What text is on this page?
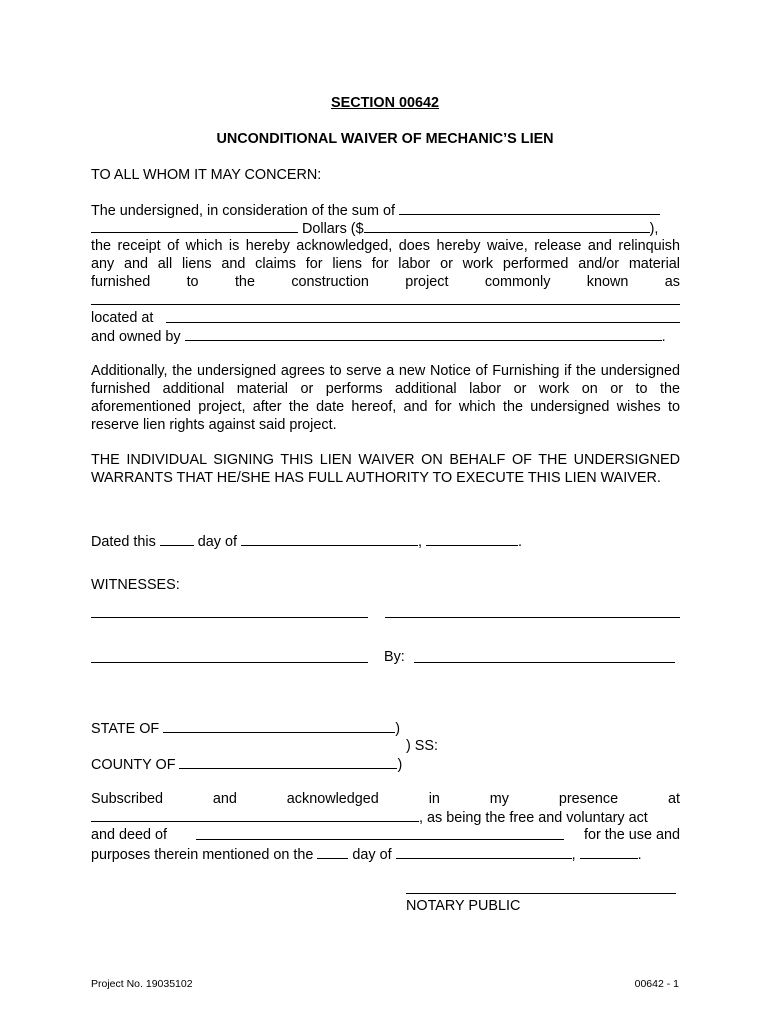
SECTION 00642
UNCONDITIONAL WAIVER OF MECHANIC’S LIEN
TO ALL WHOM IT MAY CONCERN:
The undersigned, in consideration of the sum of
Dollars ($	),
the receipt of which is hereby acknowledged, does hereby waive, release and relinquish
any and all liens and claims for liens for labor or work performed and/or material
furnished	to	the	construction	project	commonly	known	as
located at
and owned by	.
Additionally, the undersigned agrees to serve a new Notice of Furnishing if the undersigned furnished additional material or performs additional labor or work on or to the aforementioned project, after the date hereof, and for which the undersigned wishes to reserve lien rights against said project.
THE INDIVIDUAL SIGNING THIS LIEN WAIVER ON BEHALF OF THE UNDERSIGNED WARRANTS THAT HE/SHE HAS FULL AUTHORITY TO EXECUTE THIS LIEN WAIVER.
Dated this	day of	,	.
WITNESSES:
By:
STATE OF	)
) SS:
COUNTY OF	)
Subscribed	and	acknowledged	in	my	presence	at
, as being the free and voluntary act
and deed of	for the use and
purposes therein mentioned on the	day of	,	.
NOTARY PUBLIC
Project No. 19035102	00642 - 1
